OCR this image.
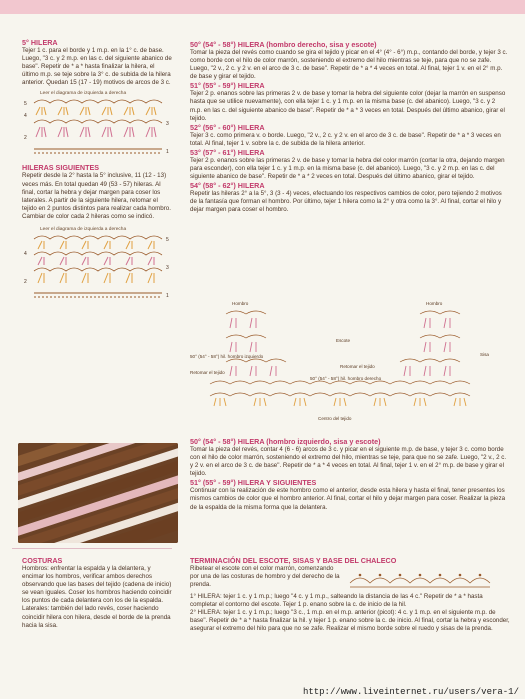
5° HILERA

Tejer 1 c. para el borde y 1 m.p. en la 1° c. de base. Luego, "3 c. y 2 m.p. en las c. del siguiente abanico de base". Repetir de * a * hasta finalizar la hilera, el último m.p. se teje sobre la 3° c. de subida de la hilera anterior. Quedan 15 (17 - 19) motivos de arcos de 3 c.

Leer el diagrama de izquierda a derecha
5
4
3
2
1
HILERAS SIGUIENTES

Repetir desde la 2° hasta la 5° inclusive, 11 (12 - 13) veces más. En total quedan 49 (53 - 57) hileras. Al final, cortar la hebra y dejar margen para coser los laterales. A partir de la siguiente hilera, retomar el tejido en 2 puntos distintos para realizar cada hombro. Cambiar de color cada 2 hileras como se indicó.

Leer el diagrama de izquierda a derecha
5
4
3
2
1
COSTURAS

Hombros: enfrentar la espalda y la delantera, y encimar los hombros, verificar ambos derechos observando que las bases del tejido (cadena de inicio) se vean iguales. Coser los hombros haciendo coincidir los puntos de cada delantera con los de la espalda. Laterales: también del lado revés, coser haciendo coincidir hilera con hilera, desde el borde de la prenda hacia la sisa.

50° (54° - 58°) HILERA (hombro derecho, sisa y escote)

Tomar la pieza del revés como cuando se gira el tejido y picar en el 4° (4° - 6°) m.p., contando del borde, y tejer 3 c. como borde con el hilo de color marrón, sosteniendo el extremo del hilo mientras se teje, para que no se zafe. Luego, "2 v., 2 c. y 2 v. en el arco de 3 c. de base". Repetir de * a * 4 veces en total. Al final, tejer 1 v. en el 2° m.p. de base y girar el tejido.

51° (55° - 59°) HILERA

Tejer 2 p. enanos sobre las primeras 2 v. de base y tomar la hebra del siguiente color (dejar la marrón en suspenso hasta que se utilice nuevamente), con ella tejer 1 c. y 1 m.p. en la misma base (c. del abanico). Luego, "3 c. y 2 m.p. en las c. del siguiente abanico de base". Repetir de * a * 3 veces en total. Después del último abanico, girar el tejido.

52° (56° - 60°) HILERA

Tejer 3 c. como primera v. o borde. Luego, "2 v., 2 c. y 2 v. en el arco de 3 c. de base". Repetir de * a * 3 veces en total. Al final, tejer 1 v. sobre la c. de subida de la hilera anterior.

53° (57° - 61°) HILERA

Tejer 2 p. enanos sobre las primeras 2 v. de base y tomar la hebra del color marrón (cortar la otra, dejando margen para esconder), con ella tejer 1 c. y 1 m.p. en la misma base (c. del abanico). Luego, "3 c. y 2 m.p. en las c. del siguiente abanico de base". Repetir de * a * 2 veces en total. Después del último abanico, girar el tejido.

54° (58° - 62°) HILERA

Repetir las hileras 2° a la 5°, 3 (3 - 4) veces, efectuando los respectivos cambios de color, pero tejiendo 2 motivos de la fantasía que forman el hombro. Por último, tejer 1 hilera como la 2° y otra como la 3°. Al final, cortar el hilo y dejar margen para coser el hombro.

Hombro	Hombro
Escote
Sisa
50° (54° - 58°) hil. hombro izquierdo
Retomar el tejido
Retomar el tejido
50° (54° - 58°) hil. hombro derecho
Centro del tejido
50° (54° - 58°) HILERA (hombro izquierdo, sisa y escote)

Tomar la pieza del revés, contar 4 (6 - 6) arcos de 3 c. y picar en el siguiente m.p. de base, y tejer 3 c. como borde con el hilo de color marrón, sosteniendo el extremo del hilo, mientras se teje, para que no se zafe. Luego, "2 v., 2 c. y 2 v. en el arco de 3 c. de base". Repetir de * a * 4 veces en total. Al final, tejer 1 v. en el 2° m.p. de base y girar el tejido.

51° (55° - 59°) HILERA Y SIGUIENTES

Continuar con la realización de este hombro como el anterior, desde esta hilera y hasta el final, tener presentes los mismos cambios de color que el hombro anterior. Al final, cortar el hilo y dejar margen para coser. Realizar la pieza de la espalda de la misma forma que la delantera.

TERMINACIÓN DEL ESCOTE, SISAS Y BASE DEL CHALECO

Ribetear el escote con el color marrón, comenzando por una de las costuras de hombro y del derecho de la prenda.

1° HILERA: tejer 1 c. y 1 m.p.; luego "4 c. y 1 m.p., salteando la distancia de las 4 c." Repetir de * a * hasta completar el contorno del escote. Tejer 1 p. enano sobre la c. de inicio de la hil.

2° HILERA: tejer 1 c. y 1 m.p.; luego "3 c., 1 m.p. en el m.p. anterior (picot): 4 c. y 1 m.p. en el siguiente m.p. de base". Repetir de * a * hasta finalizar la hil. y tejer 1 p. enano sobre la c. de inicio. Al final, cortar la hebra y esconder, asegurar el extremo del hilo para que no se zafe. Realizar el mismo borde sobre el ruedo y sisas de la prenda.

http://www.liveinternet.ru/users/vera-1/
